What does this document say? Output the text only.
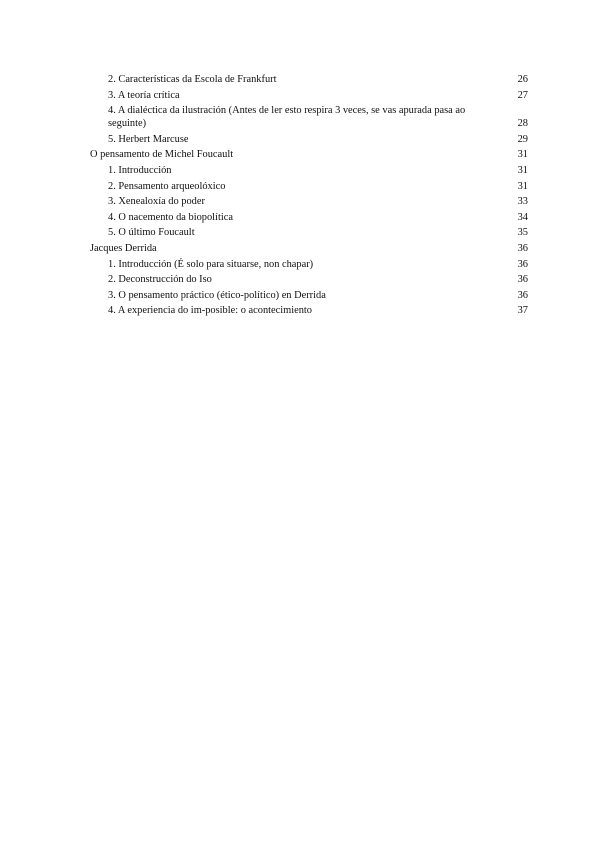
2. Características da Escola de Frankfurt	26
3. A teoría crítica	27
4. A dialéctica da ilustración (Antes de ler esto respira 3 veces, se vas apurada pasa ao seguinte)	28
5. Herbert Marcuse	29
O pensamento de Michel Foucault	31
1. Introducción	31
2. Pensamento arqueolóxico	31
3. Xenealoxía do poder	33
4. O nacemento da biopolítica	34
5. O último Foucault	35
Jacques Derrida	36
1. Introducción (É solo para situarse, non chapar)	36
2. Deconstrucción do Iso	36
3. O pensamento práctico (ético-político) en Derrida	36
4. A experiencia do im-posible: o acontecimiento	37
